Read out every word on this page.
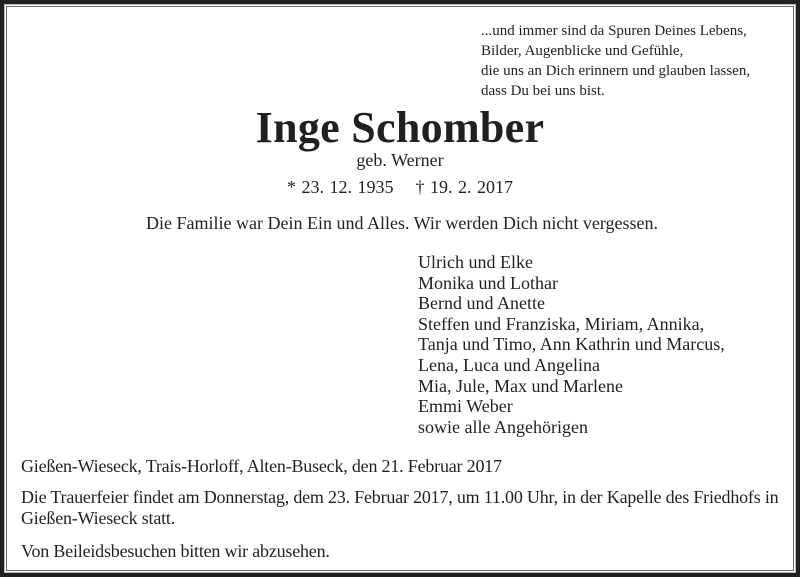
...und immer sind da Spuren Deines Lebens,
Bilder, Augenblicke und Gefühle,
die uns an Dich erinnern und glauben lassen,
dass Du bei uns bist.
Inge Schomber
geb. Werner
* 23. 12. 1935 † 19. 2. 2017
Die Familie war Dein Ein und Alles. Wir werden Dich nicht vergessen.
Ulrich und Elke
Monika und Lothar
Bernd und Anette
Steffen und Franziska, Miriam, Annika,
Tanja und Timo, Ann Kathrin und Marcus,
Lena, Luca und Angelina
Mia, Jule, Max und Marlene
Emmi Weber
sowie alle Angehörigen
Gießen-Wieseck, Trais-Horloff, Alten-Buseck, den 21. Februar 2017
Die Trauerfeier findet am Donnerstag, dem 23. Februar 2017, um 11.00 Uhr, in der Kapelle des Friedhofs in Gießen-Wieseck statt.
Von Beileidsbesuchen bitten wir abzusehen.
